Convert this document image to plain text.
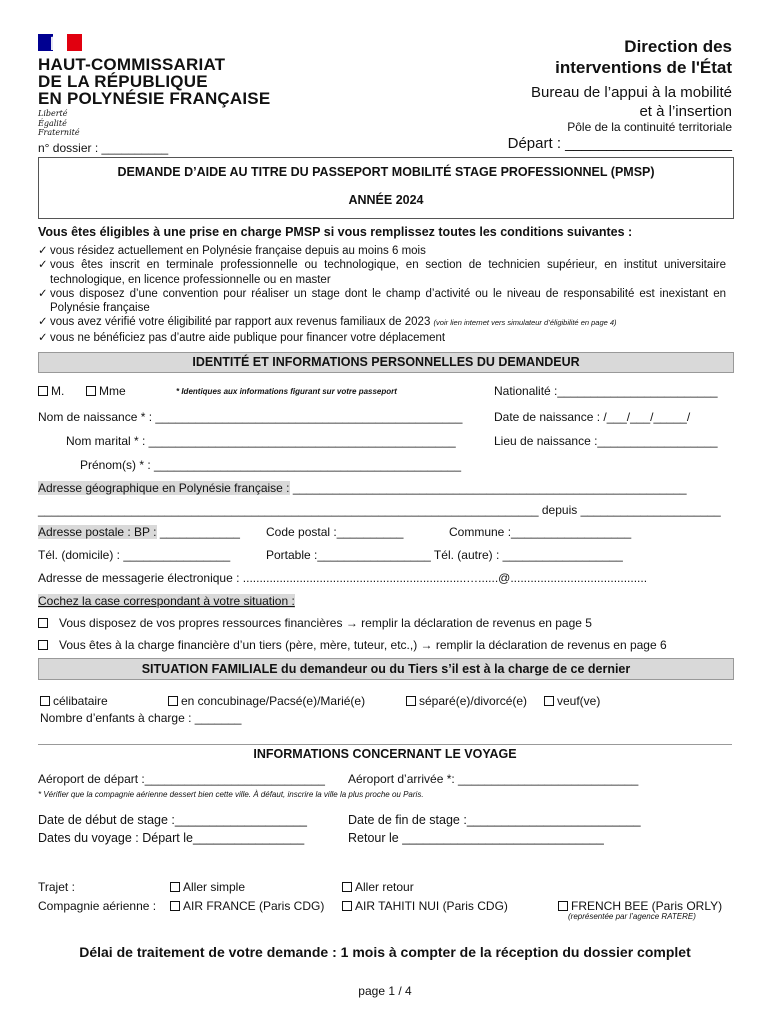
HAUT-COMMISSARIAT
DE LA RÉPUBLIQUE
EN POLYNÉSIE FRANÇAISE
Liberté
Égalité
Fraternité
n° dossier : __________
Direction des
interventions de l'État
Bureau de l’appui à la mobilité
et à l’insertion
Pôle de la continuité territoriale
Départ : ____________________
DEMANDE D’AIDE AU TITRE DU PASSEPORT MOBILITÉ STAGE PROFESSIONNEL (PMSP)
ANNÉE 2024
Vous êtes éligibles à une prise en charge PMSP si vous remplissez toutes les conditions suivantes :
✓ vous résidez actuellement en Polynésie française depuis au moins 6 mois
✓ vous êtes inscrit en terminale professionnelle ou technologique, en section de technicien supérieur, en institut universitaire technologique, en licence professionnelle ou en master
✓ vous disposez d’une convention pour réaliser un stage dont le champ d’activité ou le niveau de responsabilité est inexistant en Polynésie française
✓ vous avez vérifié votre éligibilité par rapport aux revenus familiaux de 2023 (voir lien internet vers simulateur d’éligibilité en page 4)
✓ vous ne bénéficiez pas d’autre aide publique pour financer votre déplacement
IDENTITÉ ET INFORMATIONS PERSONNELLES DU DEMANDEUR
M.	Mme	* Identiques aux informations figurant sur votre passeport	Nationalité :________________________
Nom de naissance * : ______________________________________________	Date de naissance : /___/___/_____/
Nom marital * : ______________________________________________	Lieu de naissance :__________________
Prénom(s) * : ______________________________________________
Adresse géographique en Polynésie française : ___________________________________________________________
___________________________________________________________________________ depuis _____________________
Adresse postale : BP : ____________ Code postal :__________	Commune :__________________
Tél. (domicile) : ________________	Portable :_________________ Tél. (autre) : __________________
Adresse de messagerie électronique : ...................................................................…......@.........................................
Cochez la case correspondant à votre situation :
Vous disposez de vos propres ressources financières → remplir la déclaration de revenus en page 5
Vous êtes à la charge financière d’un tiers (père, mère, tuteur, etc.,) → remplir la déclaration de revenus en page 6
SITUATION FAMILIALE du demandeur ou du Tiers s’il est à la charge de ce dernier
célibataire	en concubinage/Pacsé(e)/Marié(e)	séparé(e)/divorcé(e)	veuf(ve)
Nombre d’enfants à charge : _______
INFORMATIONS CONCERNANT LE VOYAGE
Aéroport de départ :___________________________ Aéroport d’arrivée *: ___________________________
* Vérifier que la compagnie aérienne dessert bien cette ville. À défaut, inscrire la ville la plus proche ou Paris.
Date de début de stage :___________________	Date de fin de stage :_________________________
Dates du voyage : Départ le________________	Retour le _____________________________
Trajet :	Aller simple	Aller retour
Compagnie aérienne :	AIR FRANCE (Paris CDG)	AIR TAHITI NUI (Paris CDG)	FRENCH BEE (Paris ORLY)
(représentée par l’agence RATERE)
Délai de traitement de votre demande : 1 mois à compter de la réception du dossier complet
page 1 / 4
